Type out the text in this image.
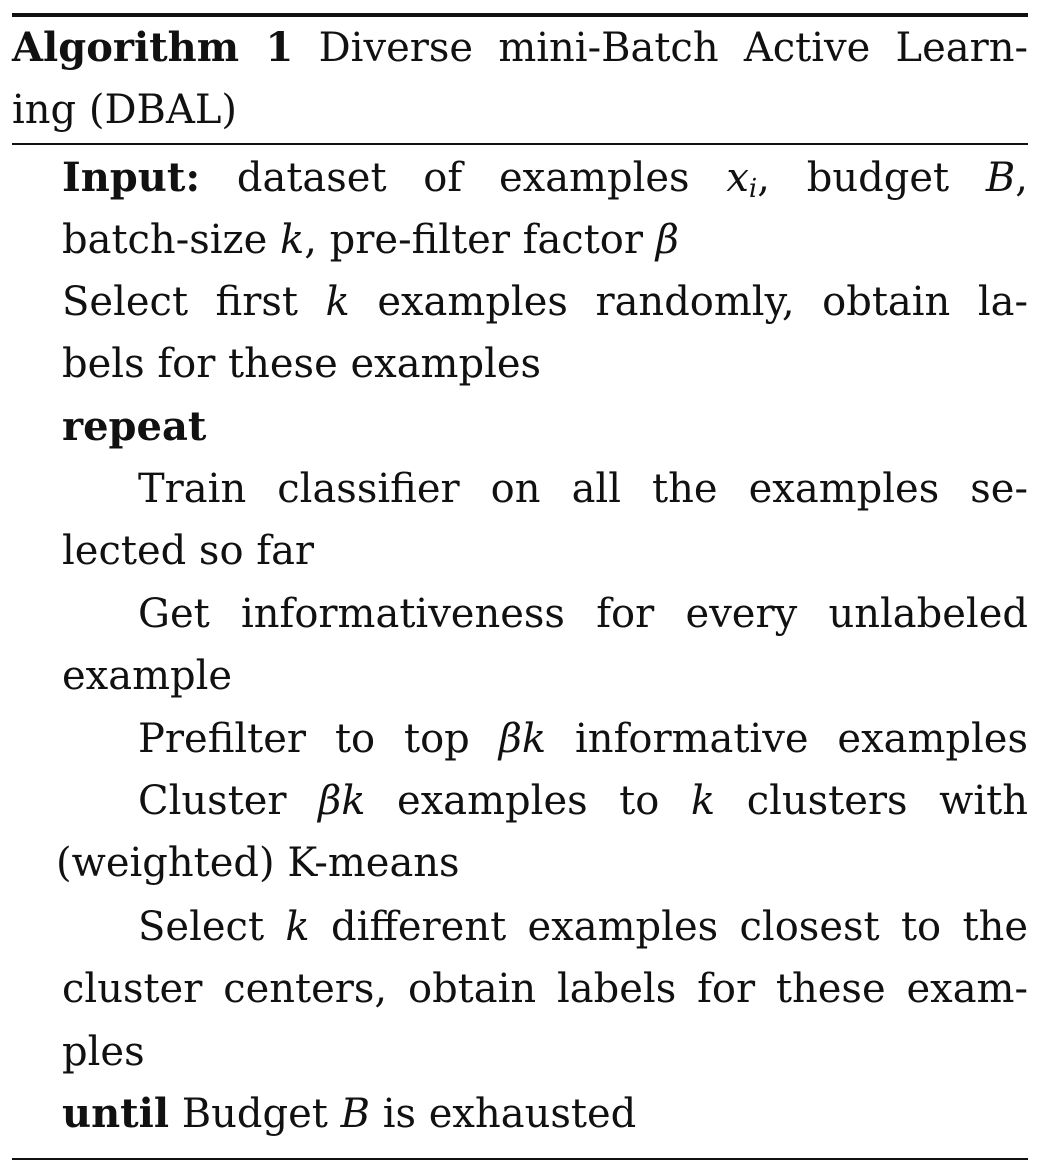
Algorithm 1 Diverse mini-Batch Active Learn-
ing (DBAL)
Input: dataset of examples $x_i$, budget B,
batch-size k, pre-filter factor β
Select first k examples randomly, obtain la-
bels for these examples
repeat
Train classifier on all the examples se-
lected so far
Get informativeness for every unlabeled
example
Prefilter to top βk informative examples
Cluster βk examples to k clusters with
(weighted) K-means
Select k different examples closest to the
cluster centers, obtain labels for these exam-
ples
until Budget B is exhausted
